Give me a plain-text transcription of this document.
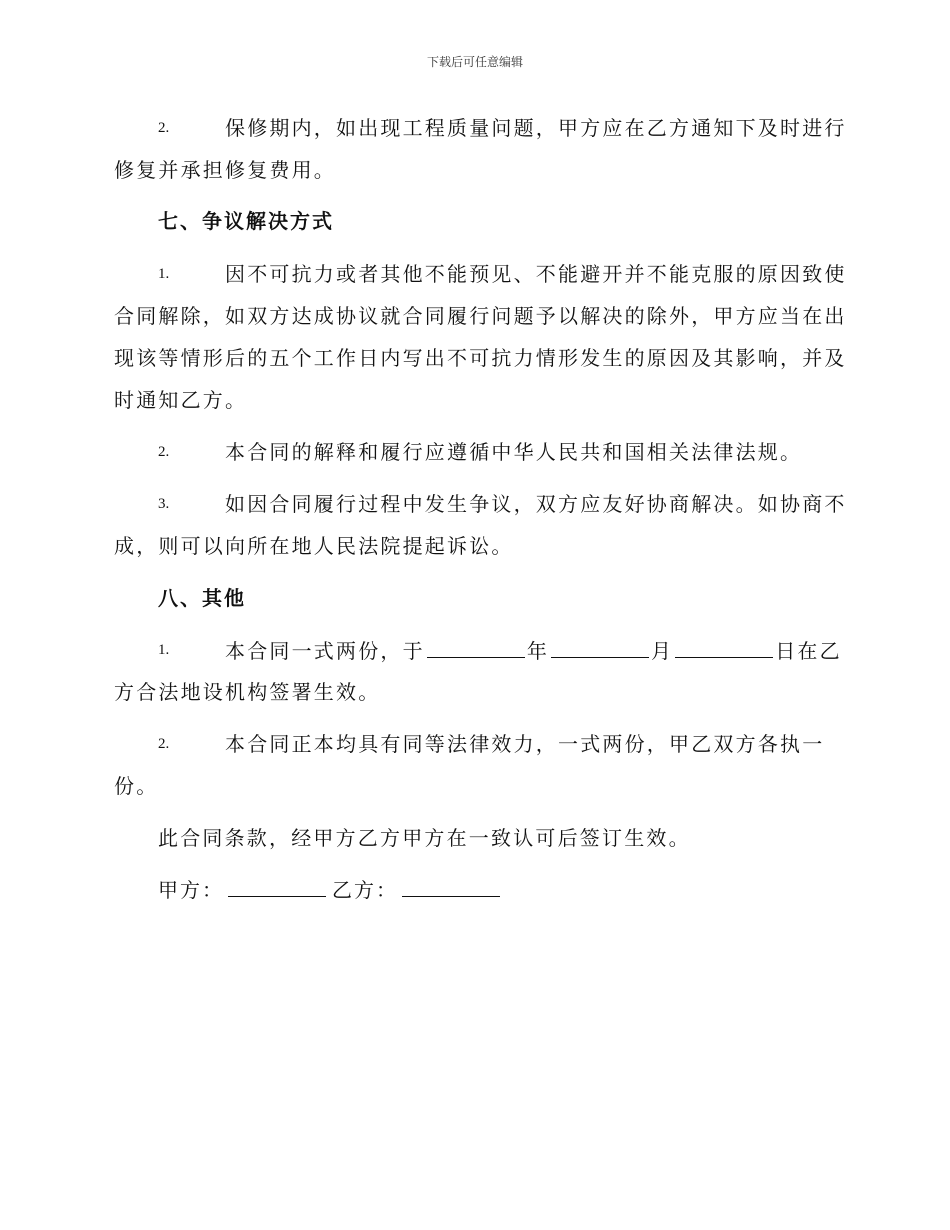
下载后可任意编辑
2.	保修期内，如出现工程质量问题，甲方应在乙方通知下及时进行
修复并承担修复费用。
七、争议解决方式
1.	因不可抗力或者其他不能预见、不能避开并不能克服的原因致使
合同解除，如双方达成协议就合同履行问题予以解决的除外，甲方应当在出
现该等情形后的五个工作日内写出不可抗力情形发生的原因及其影响，并及
时通知乙方。
2.	本合同的解释和履行应遵循中华人民共和国相关法律法规。
3.	如因合同履行过程中发生争议，双方应友好协商解决。如协商不
成，则可以向所在地人民法院提起诉讼。
八、其他
1.	本合同一式两份，于	年	月	日在乙
方合法地设机构签署生效。
2.	本合同正本均具有同等法律效力，一式两份，甲乙双方各执一
份。
此合同条款，经甲方乙方甲方在一致认可后签订生效。
甲方：	乙方：
